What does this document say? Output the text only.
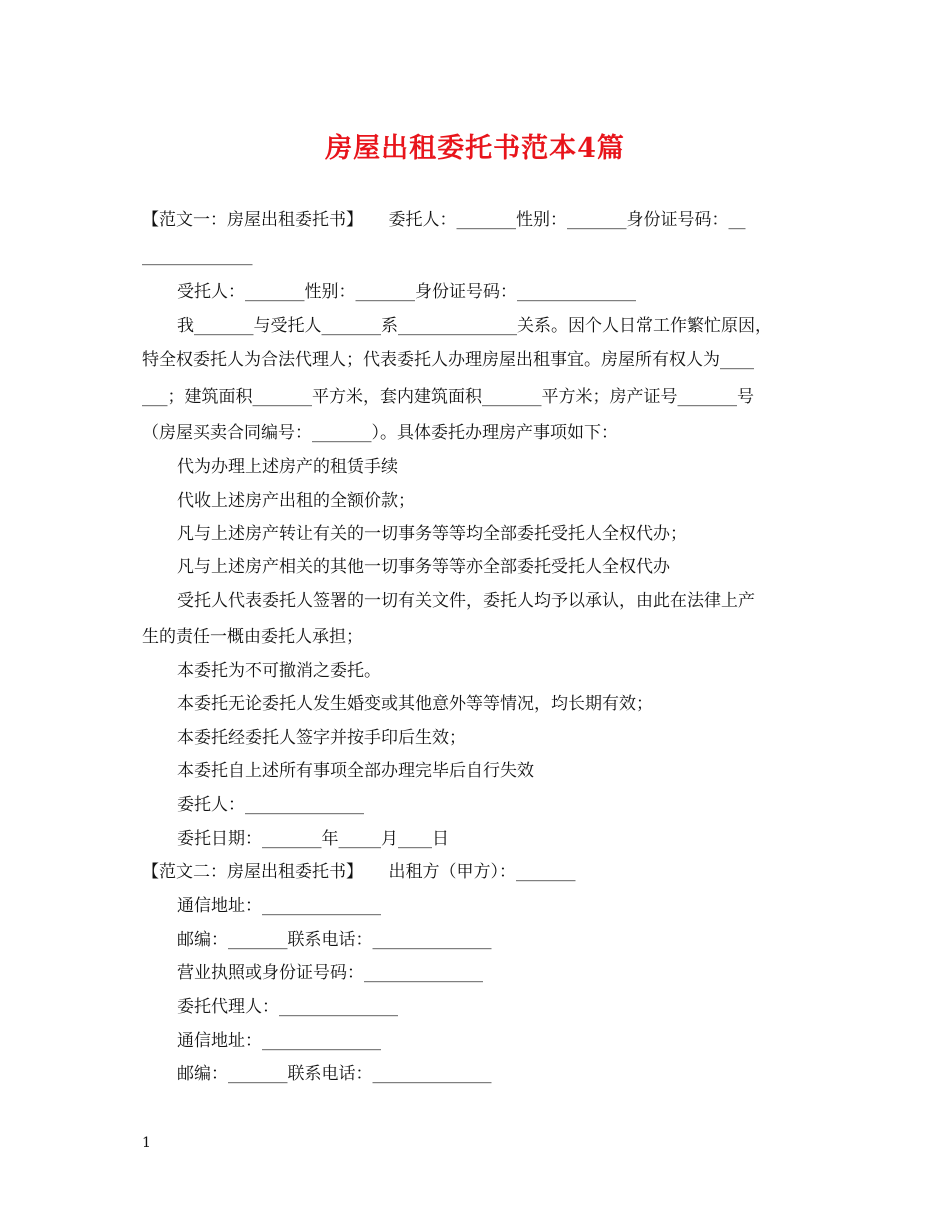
房屋出租委托书范本4篇
【范文一：房屋出租委托书】　　委托人：_______性别：_______身份证号码：__
_____________
受托人：_______性别：_______身份证号码：______________
我_______与受托人_______系______________关系。因个人日常工作繁忙原因，
特全权委托人为合法代理人；代表委托人办理房屋出租事宜。房屋所有权人为____
___；建筑面积_______平方米，套内建筑面积_______平方米；房产证号_______号
（房屋买卖合同编号：_______）。具体委托办理房产事项如下：
代为办理上述房产的租赁手续
代收上述房产出租的全额价款；
凡与上述房产转让有关的一切事务等等均全部委托受托人全权代办；
凡与上述房产相关的其他一切事务等等亦全部委托受托人全权代办
受托人代表委托人签署的一切有关文件，委托人均予以承认，由此在法律上产
生的责任一概由委托人承担；
本委托为不可撤消之委托。
本委托无论委托人发生婚变或其他意外等等情况，均长期有效；
本委托经委托人签字并按手印后生效；
本委托自上述所有事项全部办理完毕后自行失效
委托人：______________
委托日期：_______年_____月____日
【范文二：房屋出租委托书】　　出租方（甲方）：_______
通信地址：______________
邮编：_______联系电话：______________
营业执照或身份证号码：______________
委托代理人：______________
通信地址：______________
邮编：_______联系电话：______________
1
